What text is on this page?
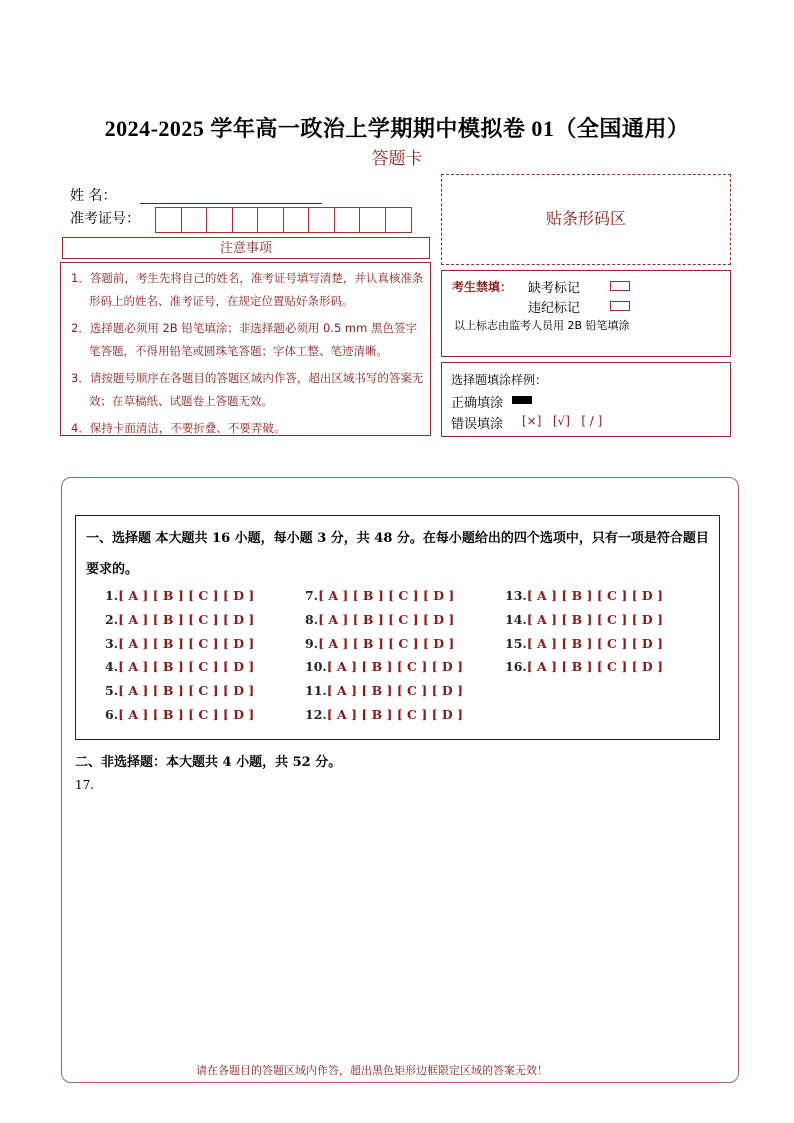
2024-2025 学年高一政治上学期期中模拟卷 01（全国通用）
答题卡
姓 名：
准考证号：	贴条形码区
注意事项

1．答题前，考生先将自己的姓名，准考证号填写清楚，并认真核准条形码上的姓名、准考证号，在规定位置贴好条形码。

2．选择题必须用 2B 铅笔填涂；非选择题必须用 0.5 mm 黑色签字笔答题，不得用铅笔或圆珠笔答题；字体工整、笔迹清晰。

3．请按题号顺序在各题目的答题区域内作答，超出区域书写的答案无效；在草稿纸、试题卷上答题无效。

4．保持卡面清洁，不要折叠、不要弄破。

考生禁填： 缺考标记
违纪标记
以上标志由监考人员用 2B 铅笔填涂
选择题填涂样例：
正确填涂
错误填涂 [×]   [√]   [ / ]
一、选择题 本大题共 16 小题，每小题 3 分，共 48 分。在每小题给出的四个选项中，只有一项是符合题目要求的。
1.[ A ] [ B ] [ C ] [ D ]
2.[ A ] [ B ] [ C ] [ D ]
3.[ A ] [ B ] [ C ] [ D ]
4.[ A ] [ B ] [ C ] [ D ]
5.[ A ] [ B ] [ C ] [ D ]
6.[ A ] [ B ] [ C ] [ D ]
7.[ A ] [ B ] [ C ] [ D ]
8.[ A ] [ B ] [ C ] [ D ]
9.[ A ] [ B ] [ C ] [ D ]
10.[ A ] [ B ] [ C ] [ D ]
11.[ A ] [ B ] [ C ] [ D ]
12.[ A ] [ B ] [ C ] [ D ]
13.[ A ] [ B ] [ C ] [ D ]
14.[ A ] [ B ] [ C ] [ D ]
15.[ A ] [ B ] [ C ] [ D ]
16.[ A ] [ B ] [ C ] [ D ]
二、非选择题：本大题共 4 小题，共 52 分。
17.
请在各题目的答题区域内作答，超出黑色矩形边框限定区域的答案无效！
